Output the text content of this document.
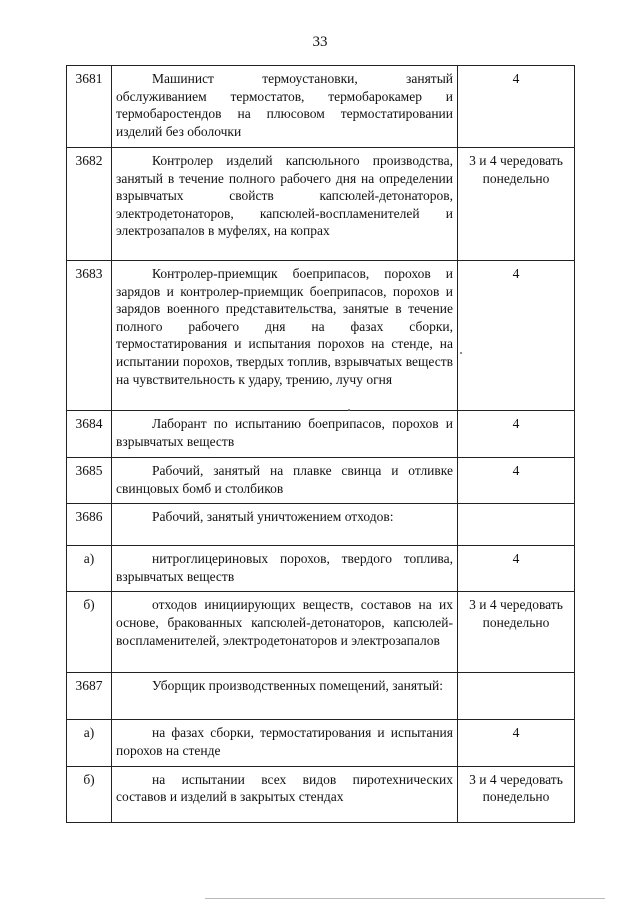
33
3681	Машинист термоустановки, занятый обслуживанием термостатов, термобарокамер и термобаростендов на плюсовом термостатировании изделий без оболочки	4
3682	Контролер изделий капсюльного производства, занятый в течение полного рабочего дня на определении взрывчатых свойств капсюлей-детонаторов, электродетонаторов, капсюлей-воспламенителей и электрозапалов в муфелях, на копрах	3 и 4 чередовать понедельно
3683	Контролер-приемщик боеприпасов, порохов и зарядов и контролер-приемщик боеприпасов, порохов и зарядов военного представительства, занятые в течение полного рабочего дня на фазах сборки, термостатирования и испытания порохов на стенде, на испытании порохов, твердых топлив, взрывчатых веществ на чувствительность к удару, трению, лучу огня	4
3684	Лаборант по испытанию боеприпасов, порохов и взрывчатых веществ	4
3685	Рабочий, занятый на плавке свинца и отливке свинцовых бомб и столбиков	4
3686	Рабочий, занятый уничтожением отходов:	

а)	нитроглицериновых порохов, твердого топлива, взрывчатых веществ	4
б)	отходов инициирующих веществ, составов на их основе, бракованных капсюлей-детонаторов, капсюлей-воспламенителей, электродетонаторов и электрозапалов	3 и 4 чередовать понедельно
3687	Уборщик производственных помещений, занятый:	

а)	на фазах сборки, термостатирования и испытания порохов на стенде	4
б)	на испытании всех видов пиротехнических составов и изделий в закрытых стендах	3 и 4 чередовать понедельно
